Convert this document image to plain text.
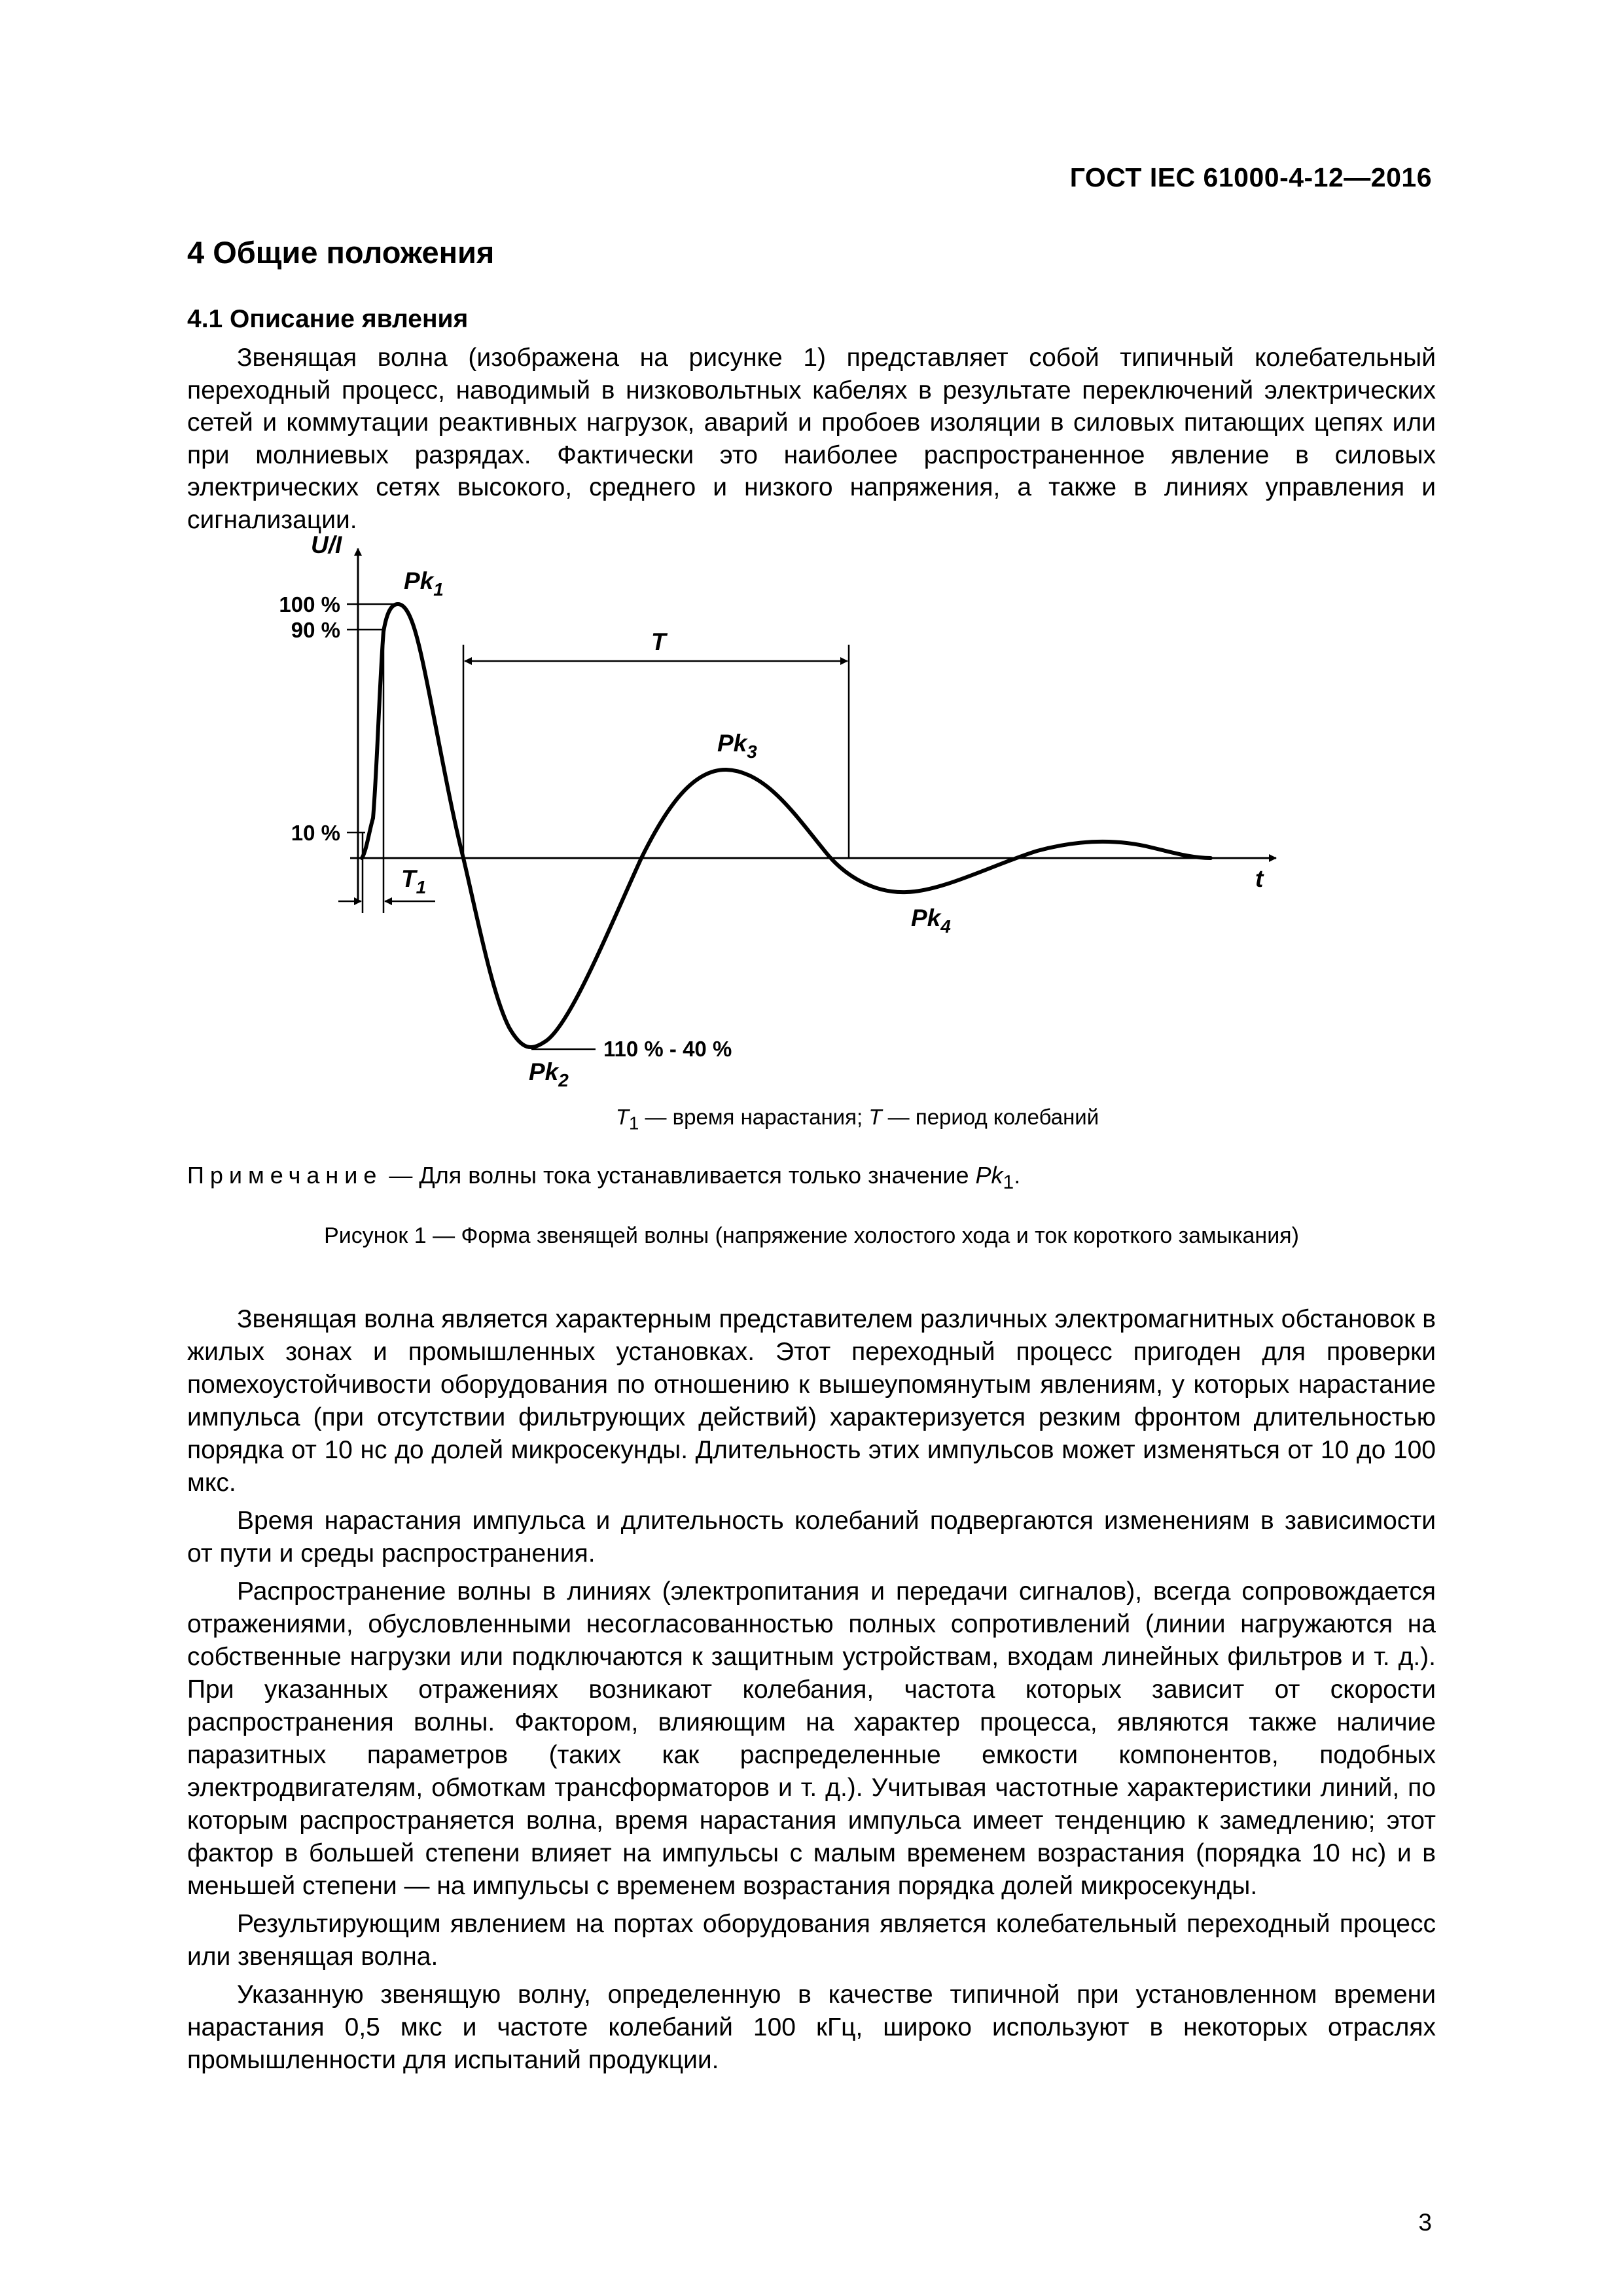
ГОСТ IEC 61000-4-12—2016
4 Общие положения
4.1 Описание явления
Звенящая волна (изображена на рисунке 1) представляет собой типичный колебательный переходный процесс, наводимый в низковольтных кабелях в результате переключений электрических сетей и коммутации реактивных нагрузок, аварий и пробоев изоляции в силовых питающих цепях или при молниевых разрядах. Фактически это наиболее распространенное явление в силовых электрических сетях высокого, среднего и низкого напряжения, а также в линиях управления и сигнализации.
U/I
t
100 %
90 %
10 %
$Pk_1$
$Pk_2$
$Pk_3$
$Pk_4$
T
$T_1$
110 % - 40 %
$T_1$ — время нарастания; T — период колебаний
Примечание — Для волны тока устанавливается только значение $Pk_1$.
Рисунок 1 — Форма звенящей волны (напряжение холостого хода и ток короткого замыкания)

Звенящая волна является характерным представителем различных электромагнитных обстановок в жилых зонах и промышленных установках. Этот переходный процесс пригоден для проверки помехоустойчивости оборудования по отношению к вышеупомянутым явлениям, у которых нарастание импульса (при отсутствии фильтрующих действий) характеризуется резким фронтом длительностью порядка от 10 нс до долей микросекунды. Длительность этих импульсов может изменяться от 10 до 100 мкс.

Время нарастания импульса и длительность колебаний подвергаются изменениям в зависимости от пути и среды распространения.

Распространение волны в линиях (электропитания и передачи сигналов), всегда сопровождается отражениями, обусловленными несогласованностью полных сопротивлений (линии нагружаются на собственные нагрузки или подключаются к защитным устройствам, входам линейных фильтров и т. д.). При указанных отражениях возникают колебания, частота которых зависит от скорости распространения волны. Фактором, влияющим на характер процесса, являются также наличие паразитных параметров (таких как распределенные емкости компонентов, подобных электродвигателям, обмоткам трансформаторов и т. д.). Учитывая частотные характеристики линий, по которым распространяется волна, время нарастания импульса имеет тенденцию к замедлению; этот фактор в большей степени влияет на импульсы с малым временем возрастания (порядка 10 нс) и в меньшей степени — на импульсы с временем возрастания порядка долей микросекунды.

Результирующим явлением на портах оборудования является колебательный переходный процесс или звенящая волна.

Указанную звенящую волну, определенную в качестве типичной при установленном времени нарастания 0,5 мкс и частоте колебаний 100 кГц, широко используют в некоторых отраслях промышленности для испытаний продукции.

3
